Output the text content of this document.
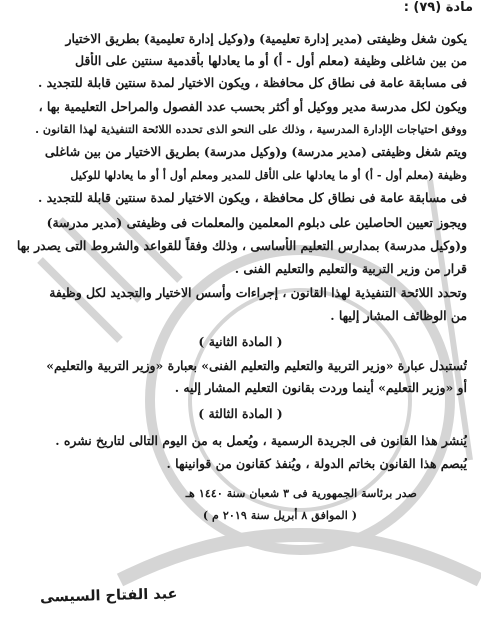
مادة (٧٩) :
يكون شغل وظيفتى (مدير إدارة تعليمية) و(وكيل إدارة تعليمية) بطريق الاختيار
من بين شاغلى وظيفة (معلم أول - أ) أو ما يعادلها بأقدمية سنتين على الأقل
فى مسابقة عامة فى نطاق كل محافظة ، ويكون الاختيار لمدة سنتين قابلة للتجديد .
ويكون لكل مدرسة مدير ووكيل أو أكثر بحسب عدد الفصول والمراحل التعليمية بها ،
ووفق احتياجات الإدارة المدرسية ، وذلك على النحو الذى تحدده اللائحة التنفيذية لهذا القانون .
ويتم شغل وظيفتى (مدير مدرسة) و(وكيل مدرسة) بطريق الاختيار من بين شاغلى
وظيفة (معلم أول - أ) أو ما يعادلها على الأقل للمدير ومعلم أول أ أو ما يعادلها للوكيل
فى مسابقة عامة فى نطاق كل محافظة ، ويكون الاختيار لمدة سنتين قابلة للتجديد .
ويجوز تعيين الحاصلين على دبلوم المعلمين والمعلمات فى وظيفتى (مدير مدرسة)
و(وكيل مدرسة) بمدارس التعليم الأساسى ، وذلك وفقاً للقواعد والشروط التى يصدر بها
قرار من وزير التربية والتعليم والتعليم الفنى .
وتحدد اللائحة التنفيذية لهذا القانون ، إجراءات وأسس الاختيار والتجديد لكل وظيفة
من الوظائف المشار إليها .
( المادة الثانية )
تُستبدل عبارة «وزير التربية والتعليم والتعليم الفنى» بعبارة «وزير التربية والتعليم»
أو «وزير التعليم» أينما وردت بقانون التعليم المشار إليه .
( المادة الثالثة )
يُنشر هذا القانون فى الجريدة الرسمية ، ويُعمل به من اليوم التالى لتاريخ نشره .
يُبصم هذا القانون بخاتم الدولة ، ويُنفذ كقانون من قوانينها .
صدر برئاسة الجمهورية فى ٣ شعبان سنة ١٤٤٠ هـ
( الموافق ٨ أبريل سنة ٢٠١٩ م )
عبد الفتاح السيسى
